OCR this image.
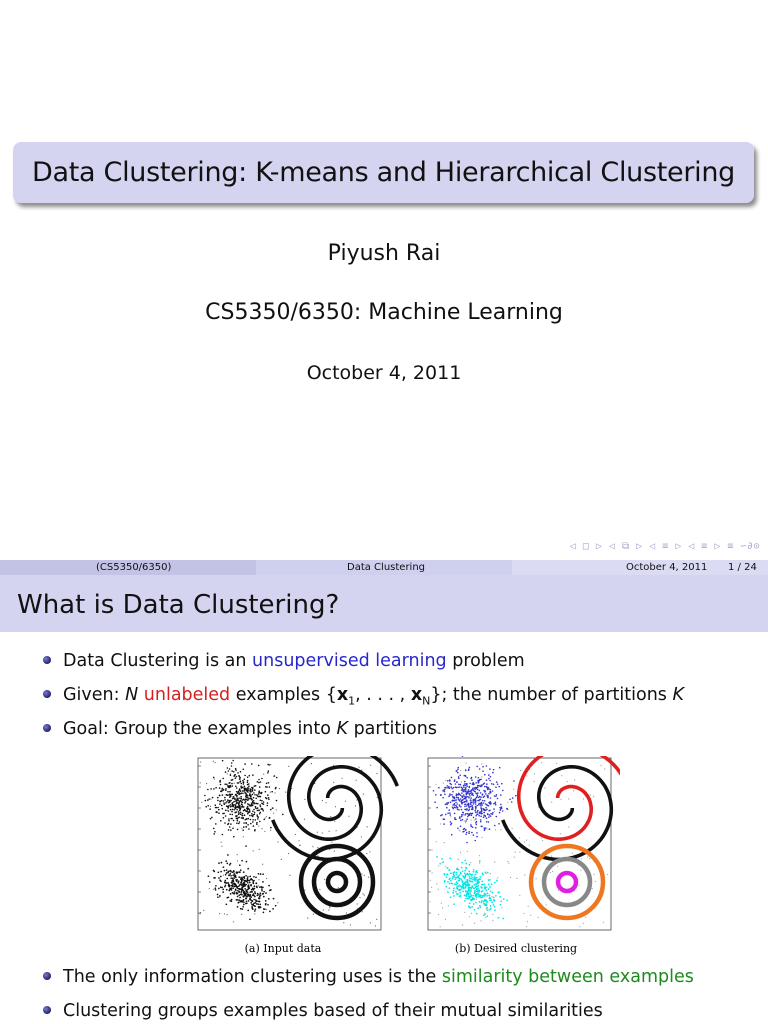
Data Clustering: K-means and Hierarchical Clustering
Piyush Rai
CS5350/6350: Machine Learning
October 4, 2011
◁ □ ▷ ◁ ⧉ ▷ ◁ ≡ ▷ ◁ ≡ ▷ ≡ ∽∂⊙
(CS5350/6350)	Data Clustering	October 4, 2011 1 / 24
What is Data Clustering?
Data Clustering is an unsupervised learning problem
Given: N unlabeled examples {$x_1$, . . . , $x_N$}; the number of partitions K
Goal: Group the examples into K partitions
(a) Input data	(b) Desired clustering
The only information clustering uses is the similarity between examples
Clustering groups examples based of their mutual similarities
